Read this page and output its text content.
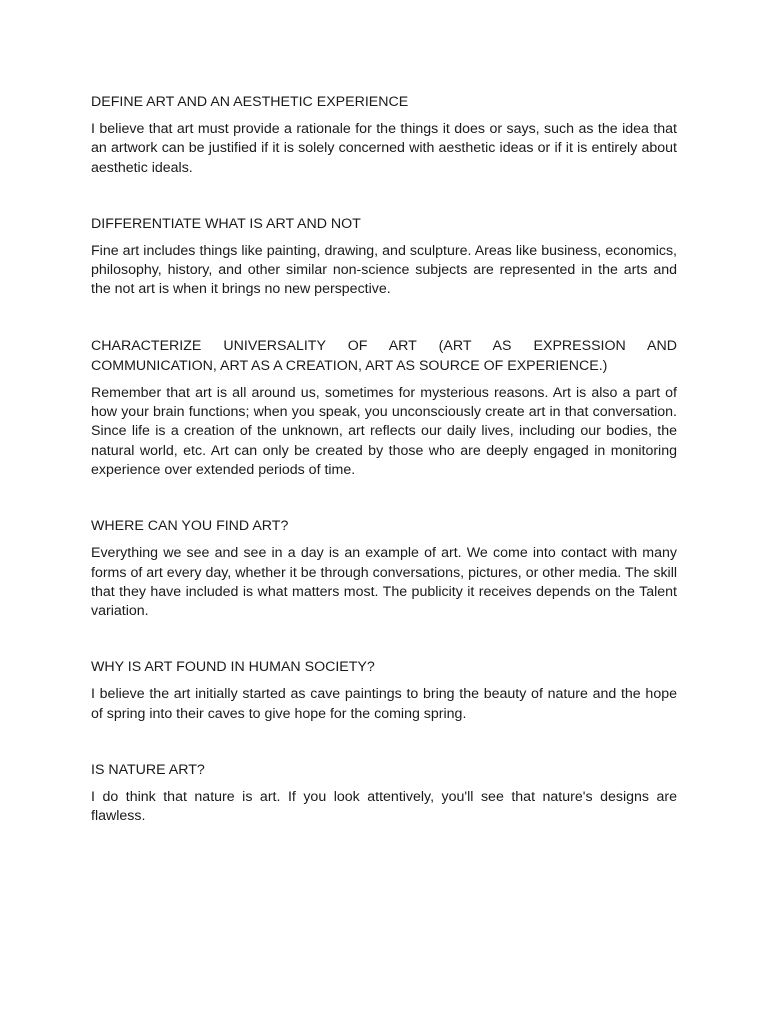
DEFINE ART AND AN AESTHETIC EXPERIENCE

I believe that art must provide a rationale for the things it does or says, such as the idea that an artwork can be justified if it is solely concerned with aesthetic ideas or if it is entirely about aesthetic ideals.

DIFFERENTIATE WHAT IS ART AND NOT

Fine art includes things like painting, drawing, and sculpture. Areas like business, economics, philosophy, history, and other similar non-science subjects are represented in the arts and the not art is when it brings no new perspective.

CHARACTERIZE UNIVERSALITY OF ART (ART AS EXPRESSION AND COMMUNICATION, ART AS A CREATION, ART AS SOURCE OF EXPERIENCE.)

Remember that art is all around us, sometimes for mysterious reasons. Art is also a part of how your brain functions; when you speak, you unconsciously create art in that conversation. Since life is a creation of the unknown, art reflects our daily lives, including our bodies, the natural world, etc. Art can only be created by those who are deeply engaged in monitoring experience over extended periods of time.

WHERE CAN YOU FIND ART?

Everything we see and see in a day is an example of art. We come into contact with many forms of art every day, whether it be through conversations, pictures, or other media. The skill that they have included is what matters most. The publicity it receives depends on the Talent variation.

WHY IS ART FOUND IN HUMAN SOCIETY?

I believe the art initially started as cave paintings to bring the beauty of nature and the hope of spring into their caves to give hope for the coming spring.

IS NATURE ART?

I do think that nature is art. If you look attentively, you'll see that nature's designs are flawless.
